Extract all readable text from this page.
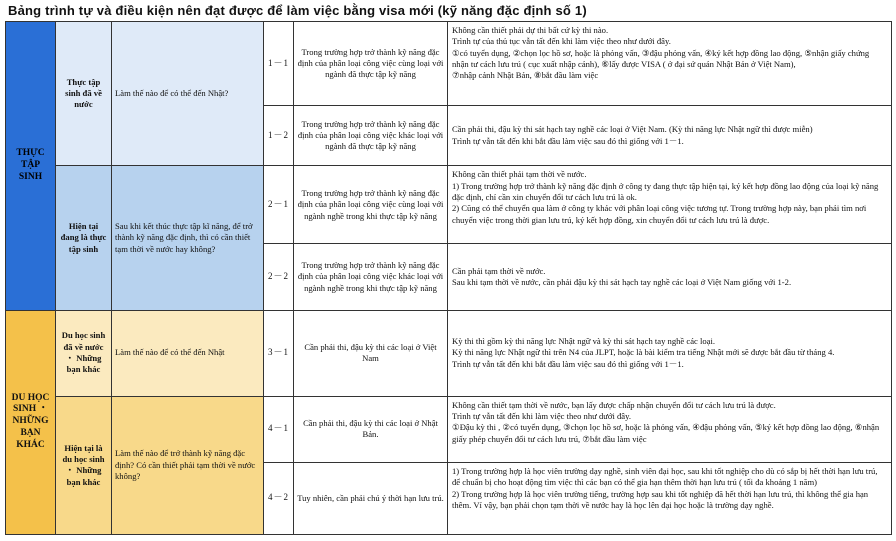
Bảng trình tự và điều kiện nên đạt được để làm việc bằng visa mới (kỹ năng đặc định số 1)
THỰC TẬP SINH	Thực tập sinh đã về nước	Làm thế nào để có thể đến Nhật?	1－1	Trong trường hợp trở thành kỹ năng đặc định của phân loại công việc cùng loại với ngành đã thực tập kỹ năng	Không cần thiết phải dự thi bất cứ kỳ thi nào.

Trình tự của thủ tục vẫn tất đến khi làm việc theo như dưới đây.

①có tuyển dụng, ②chọn lọc hồ sơ, hoặc là phỏng vấn, ③đậu phỏng vấn, ④ký kết hợp đồng lao động, ⑤nhận giấy chứng nhận tư cách lưu trú ( cục xuất nhập cảnh), ⑥lấy được VISA ( ở đại sứ quán Nhật Bản ở Việt Nam),

⑦nhập cảnh Nhật Bản, ⑧bắt đầu làm việc

			1－2	Trong trường hợp trở thành kỹ năng đặc định của phân loại công việc khác loại với ngành đã thực tập kỹ năng	Cần phải thi, đậu kỳ thi sát hạch tay nghề các loại ở Việt Nam. (Kỳ thi năng lực Nhật ngữ thì được miễn)

Trình tự vẫn tất đến khi bắt đầu làm việc sau đó thì giống với 1－1.

	Hiện tại đang là thực tập sinh	Sau khi kết thúc thực tập kĩ năng, để trở thành kỹ năng đặc định, thì có cần thiết tạm thời về nước hay không?	2－1	Trong trường hợp trở thành kỹ năng đặc định của phân loại công việc cùng loại với ngành nghề trong khi thực tập kỹ năng	Không cần thiết phải tạm thời về nước.

1) Trong trường hợp trở thành kỹ năng đặc định ở công ty đang thực tập hiện tại, ký kết hợp đồng lao động của loại kỹ năng đặc định, chỉ cần xin chuyển đổi tư cách lưu trú là ok.

2) Cũng có thể chuyển qua làm ở công ty khác với phân loại công việc tương tự. Trong trường hợp này, bạn phải tìm nơi chuyển việc trong thời gian lưu trú, ký kết hợp đồng, xin chuyển đổi tư cách lưu trú là được.

			2－2	Trong trường hợp trở thành kỹ năng đặc định của phân loại công việc khác loại với ngành nghề trong khi thực tập kỹ năng	Cần phải tạm thời về nước.

Sau khi tạm thời về nước, cần phải đậu kỳ thi sát hạch tay nghề các loại ở Việt Nam giống với 1-2.

DU HỌC SINH ・ NHỮNG BẠN KHÁC	Du học sinh đã về nước ・ Những bạn khác	Làm thế nào để có thể đến Nhật	3－1	Cần phải thi, đậu kỳ thi các loại ở Việt Nam	Kỳ thi thì gồm kỳ thi năng lực Nhật ngữ và kỳ thi sát hạch tay nghề các loại.

Kỳ thi năng lực Nhật ngữ thì trên N4 của JLPT, hoặc là bài kiểm tra tiếng Nhật mới sẽ được bắt đầu từ tháng 4.

Trình tự vẫn tất đến khi bắt đầu làm việc sau đó thì giống với 1－1.

	Hiện tại là du học sinh ・ Những bạn khác	Làm thế nào để trở thành kỹ năng đặc định? Có cần thiết phải tạm thời về nước không?	4－1	Cần phải thi, đậu kỳ thi các loại ở Nhật Bản.	Không cần thiết tạm thời về nước, bạn lấy được chấp nhận chuyển đổi tư cách lưu trú là được.

Trình tự vẫn tất đến khi làm việc theo như dưới đây.

①Đậu kỳ thi , ②có tuyển dụng, ③chọn lọc hồ sơ, hoặc là phỏng vấn, ④đậu phỏng vấn, ⑤ký kết hợp đồng lao động, ⑥nhận giấy phép chuyển đổi tư cách lưu trú, ⑦bắt đầu làm việc

			4－2	Tuy nhiên, cần phải chú ý thời hạn lưu trú.	1) Trong trường hợp là học viên trường dạy nghề, sinh viên đại học, sau khi tốt nghiệp cho dù có sắp bị hết thời hạn lưu trú, để chuẩn bị cho hoạt động tìm việc thì các bạn có thể gia hạn thêm thời hạn lưu trú ( tối đa khoảng 1 năm)

2) Trong trường hợp là học viên trường tiếng, trường hợp sau khi tốt nghiệp đã hết thời hạn lưu trú, thì không thể gia hạn thêm. Ví vậy, bạn phải chọn tạm thời về nước hay là học lên đại học hoặc là trường dạy nghề.
